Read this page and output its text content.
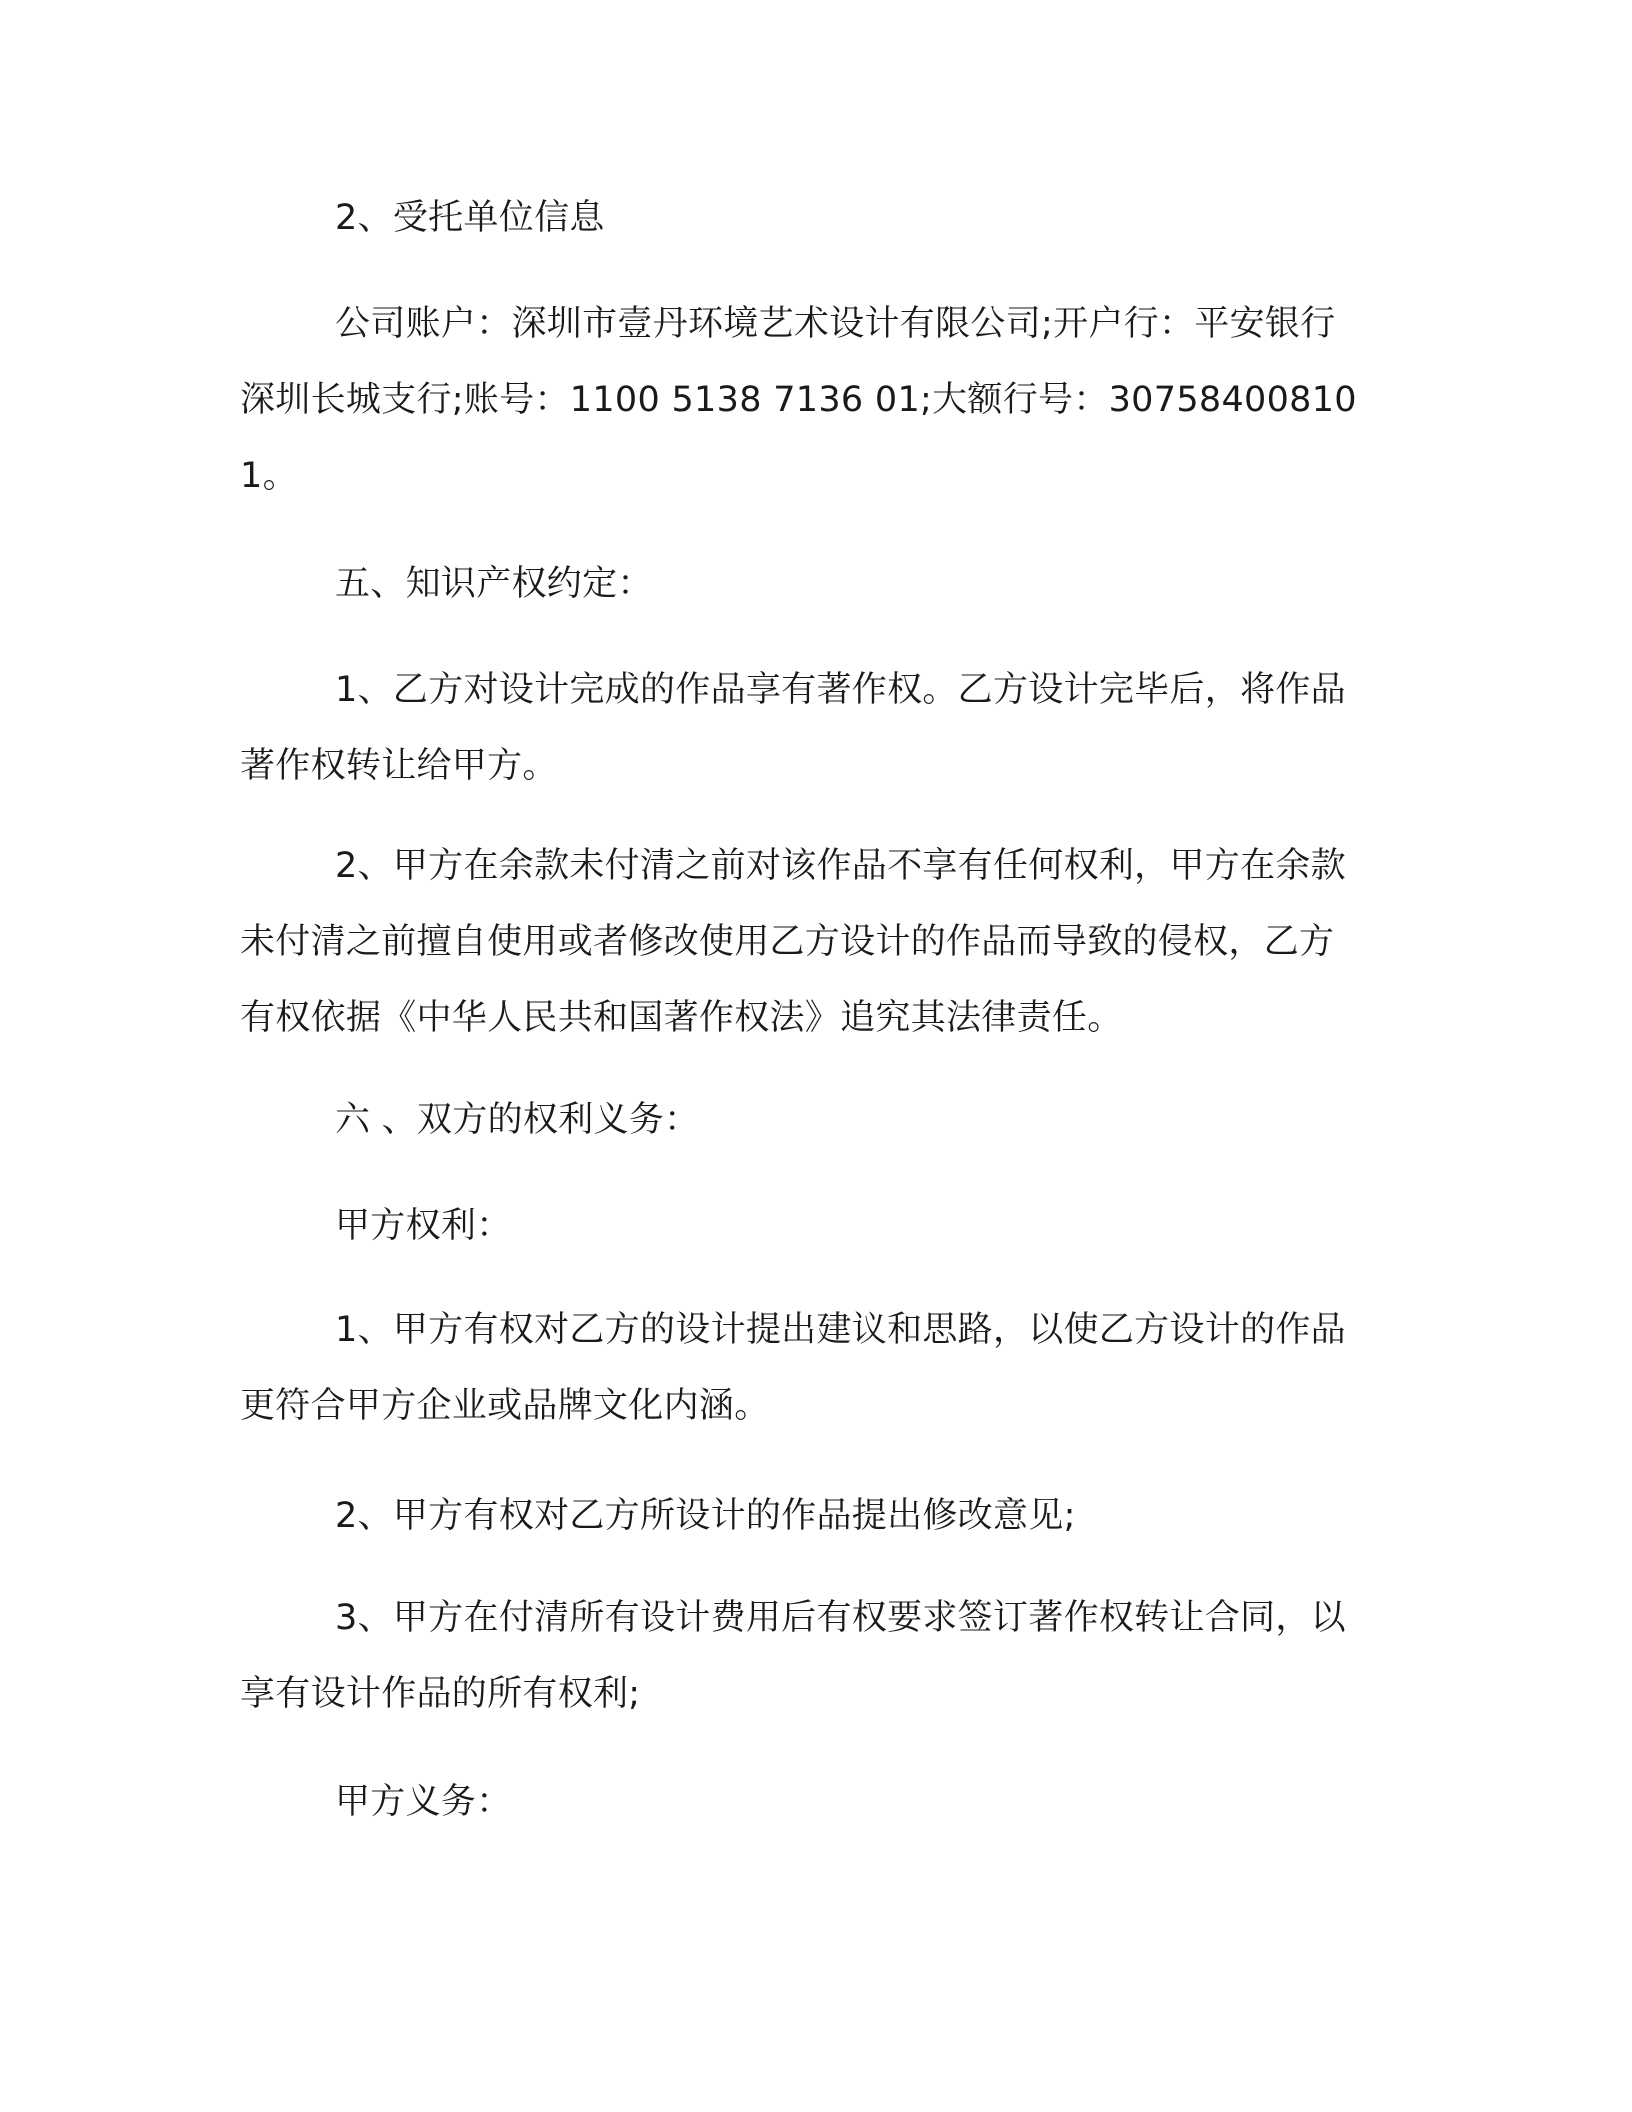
2、受托单位信息

公司账户：深圳市壹丹环境艺术设计有限公司;开户行：平安银行深圳长城支行;账号：1100 5138 7136 01;大额行号：307584008101。

五、知识产权约定：

1、乙方对设计完成的作品享有著作权。乙方设计完毕后，将作品著作权转让给甲方。

2、甲方在余款未付清之前对该作品不享有任何权利，甲方在余款未付清之前擅自使用或者修改使用乙方设计的作品而导致的侵权，乙方有权依据《中华人民共和国著作权法》追究其法律责任。

六 、双方的权利义务：

甲方权利：

1、甲方有权对乙方的设计提出建议和思路，以使乙方设计的作品更符合甲方企业或品牌文化内涵。

2、甲方有权对乙方所设计的作品提出修改意见;

3、甲方在付清所有设计费用后有权要求签订著作权转让合同，以享有设计作品的所有权利;

甲方义务：
